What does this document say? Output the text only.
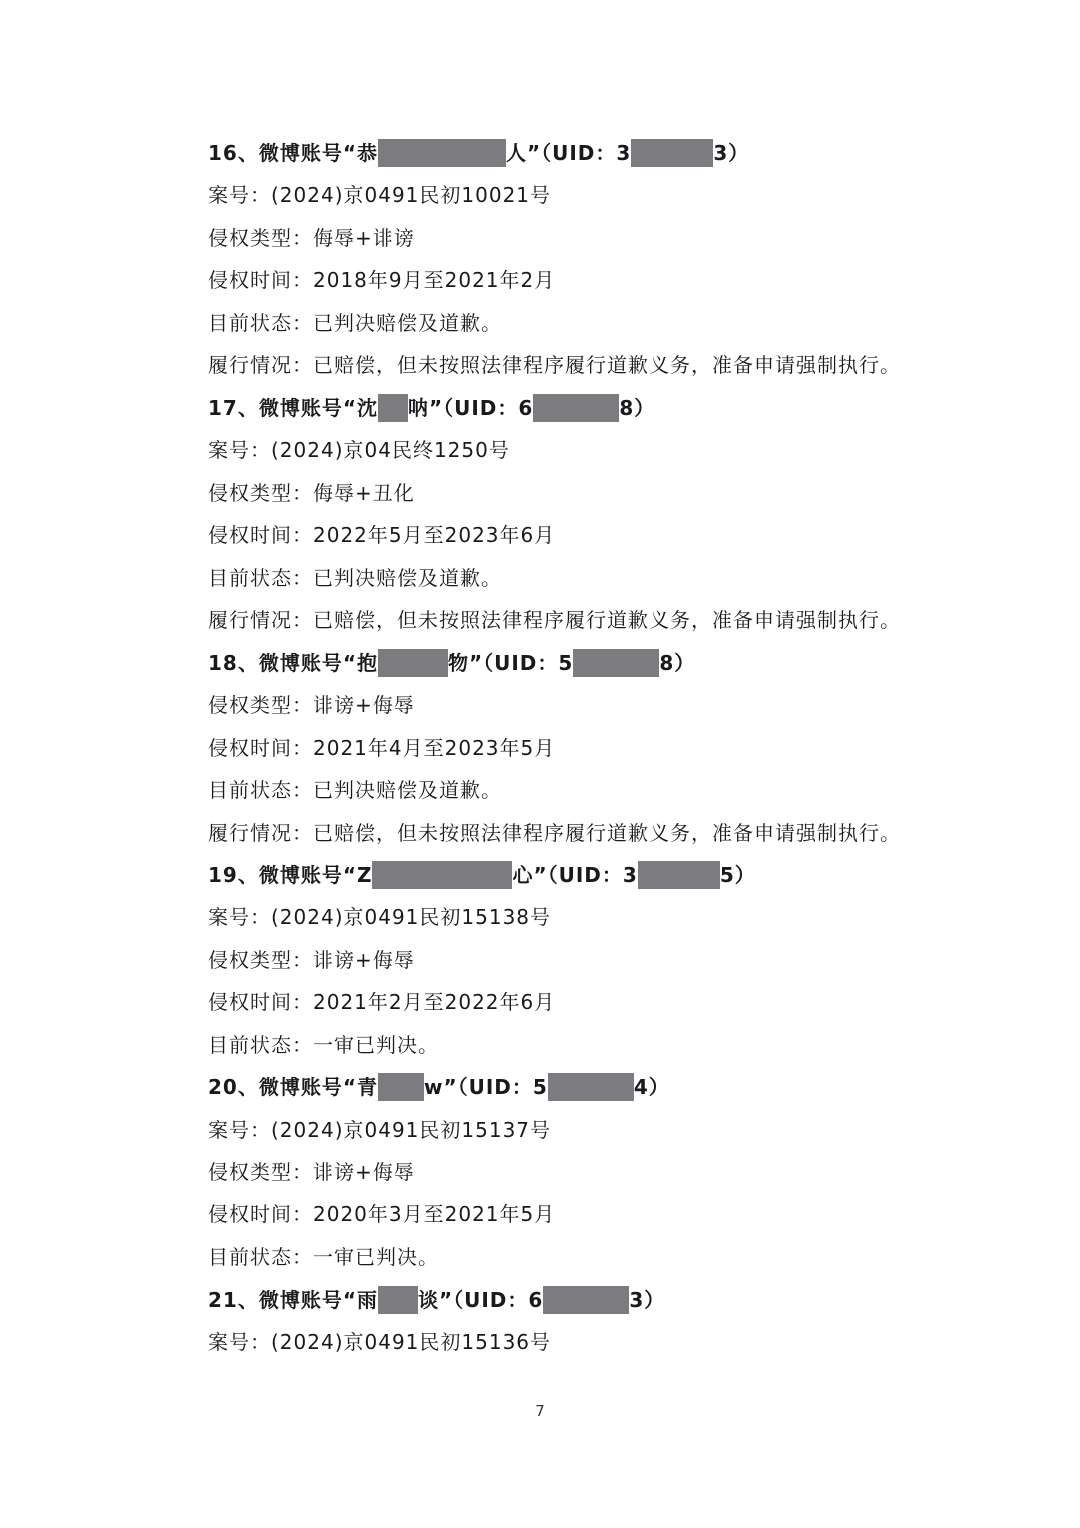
16、微博账号“恭	人”（UID：3	3）
案号：(2024)京0491民初10021号
侵权类型：侮辱+诽谤
侵权时间：2018年9月至2021年2月
目前状态：已判决赔偿及道歉。
履行情况：已赔偿，但未按照法律程序履行道歉义务，准备申请强制执行。
17、微博账号“沈 呐”（UID：6	8）
案号：(2024)京04民终1250号
侵权类型：侮辱+丑化
侵权时间：2022年5月至2023年6月
目前状态：已判决赔偿及道歉。
履行情况：已赔偿，但未按照法律程序履行道歉义务，准备申请强制执行。
18、微博账号“抱	物”（UID：5	8）
侵权类型：诽谤+侮辱
侵权时间：2021年4月至2023年5月
目前状态：已判决赔偿及道歉。
履行情况：已赔偿，但未按照法律程序履行道歉义务，准备申请强制执行。
19、微博账号“Z	心”（UID：3	5）
案号：(2024)京0491民初15138号
侵权类型：诽谤+侮辱
侵权时间：2021年2月至2022年6月
目前状态：一审已判决。
20、微博账号“青 w”（UID：5	4）
案号：(2024)京0491民初15137号
侵权类型：诽谤+侮辱
侵权时间：2020年3月至2021年5月
目前状态：一审已判决。
21、微博账号“雨 谈”（UID：6	3）
案号：(2024)京0491民初15136号
7
